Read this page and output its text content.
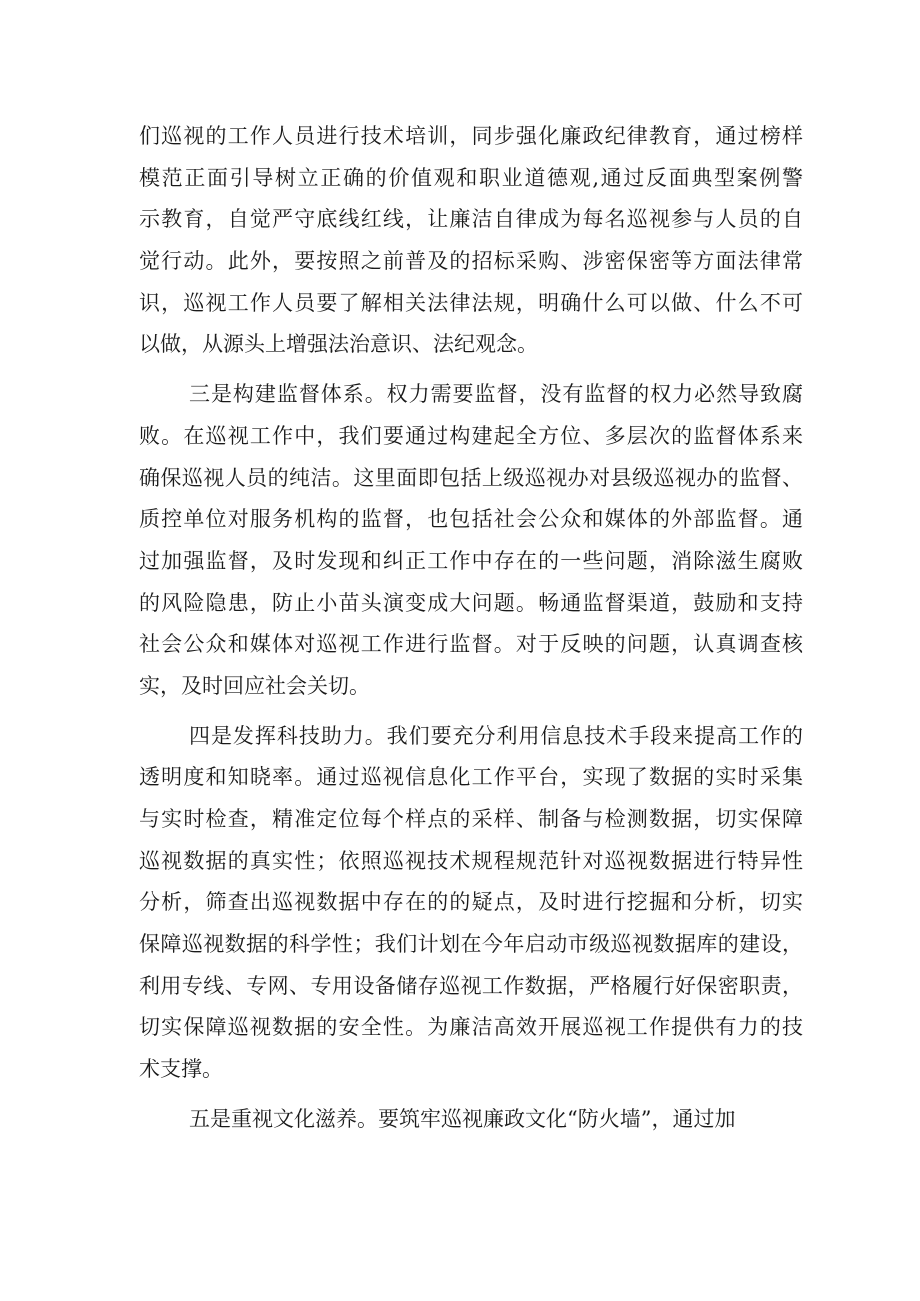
们巡视的工作人员进行技术培训，同步强化廉政纪律教育，通过榜样
模范正面引导树立正确的价值观和职业道德观,通过反面典型案例警
示教育，自觉严守底线红线，让廉洁自律成为每名巡视参与人员的自
觉行动。此外，要按照之前普及的招标采购、涉密保密等方面法律常
识，巡视工作人员要了解相关法律法规，明确什么可以做、什么不可
以做，从源头上增强法治意识、法纪观念。
三是构建监督体系。权力需要监督，没有监督的权力必然导致腐
败。在巡视工作中，我们要通过构建起全方位、多层次的监督体系来
确保巡视人员的纯洁。这里面即包括上级巡视办对县级巡视办的监督、
质控单位对服务机构的监督，也包括社会公众和媒体的外部监督。通
过加强监督，及时发现和纠正工作中存在的一些问题，消除滋生腐败
的风险隐患，防止小苗头演变成大问题。畅通监督渠道，鼓励和支持
社会公众和媒体对巡视工作进行监督。对于反映的问题，认真调查核
实，及时回应社会关切。
四是发挥科技助力。我们要充分利用信息技术手段来提高工作的
透明度和知晓率。通过巡视信息化工作平台，实现了数据的实时采集
与实时检查，精准定位每个样点的采样、制备与检测数据，切实保障
巡视数据的真实性；依照巡视技术规程规范针对巡视数据进行特异性
分析，筛查出巡视数据中存在的的疑点，及时进行挖掘和分析，切实
保障巡视数据的科学性；我们计划在今年启动市级巡视数据库的建设，
利用专线、专网、专用设备储存巡视工作数据，严格履行好保密职责，
切实保障巡视数据的安全性。为廉洁高效开展巡视工作提供有力的技
术支撑。
五是重视文化滋养。要筑牢巡视廉政文化“防火墙”，通过加
